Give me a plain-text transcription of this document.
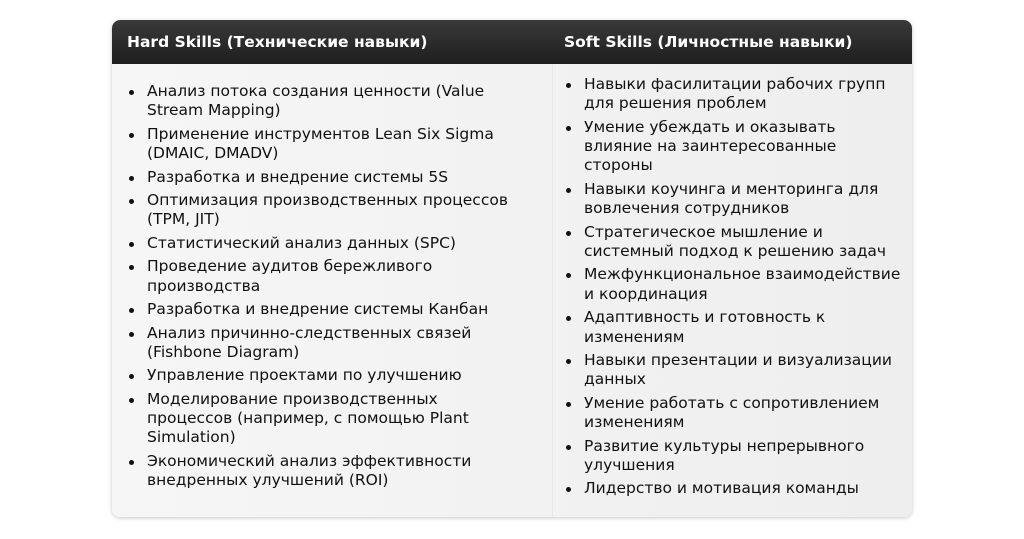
Hard Skills (Технические навыки)	Soft Skills (Личностные навыки)
Анализ потока создания ценности (Value Stream Mapping)
Применение инструментов Lean Six Sigma (DMAIC, DMADV)
Разработка и внедрение системы 5S
Оптимизация производственных процессов (TPM, JIT)
Статистический анализ данных (SPC)
Проведение аудитов бережливого производства
Разработка и внедрение системы Канбан
Анализ причинно-следственных связей (Fishbone Diagram)
Управление проектами по улучшению
Моделирование производственных процессов (например, с помощью Plant Simulation)
Экономический анализ эффективности внедренных улучшений (ROI)
Навыки фасилитации рабочих групп для решения проблем
Умение убеждать и оказывать влияние на заинтересованные стороны
Навыки коучинга и менторинга для вовлечения сотрудников
Стратегическое мышление и системный подход к решению задач
Межфункциональное взаимодействие и координация
Адаптивность и готовность к изменениям
Навыки презентации и визуализации данных
Умение работать с сопротивлением изменениям
Развитие культуры непрерывного улучшения
Лидерство и мотивация команды
